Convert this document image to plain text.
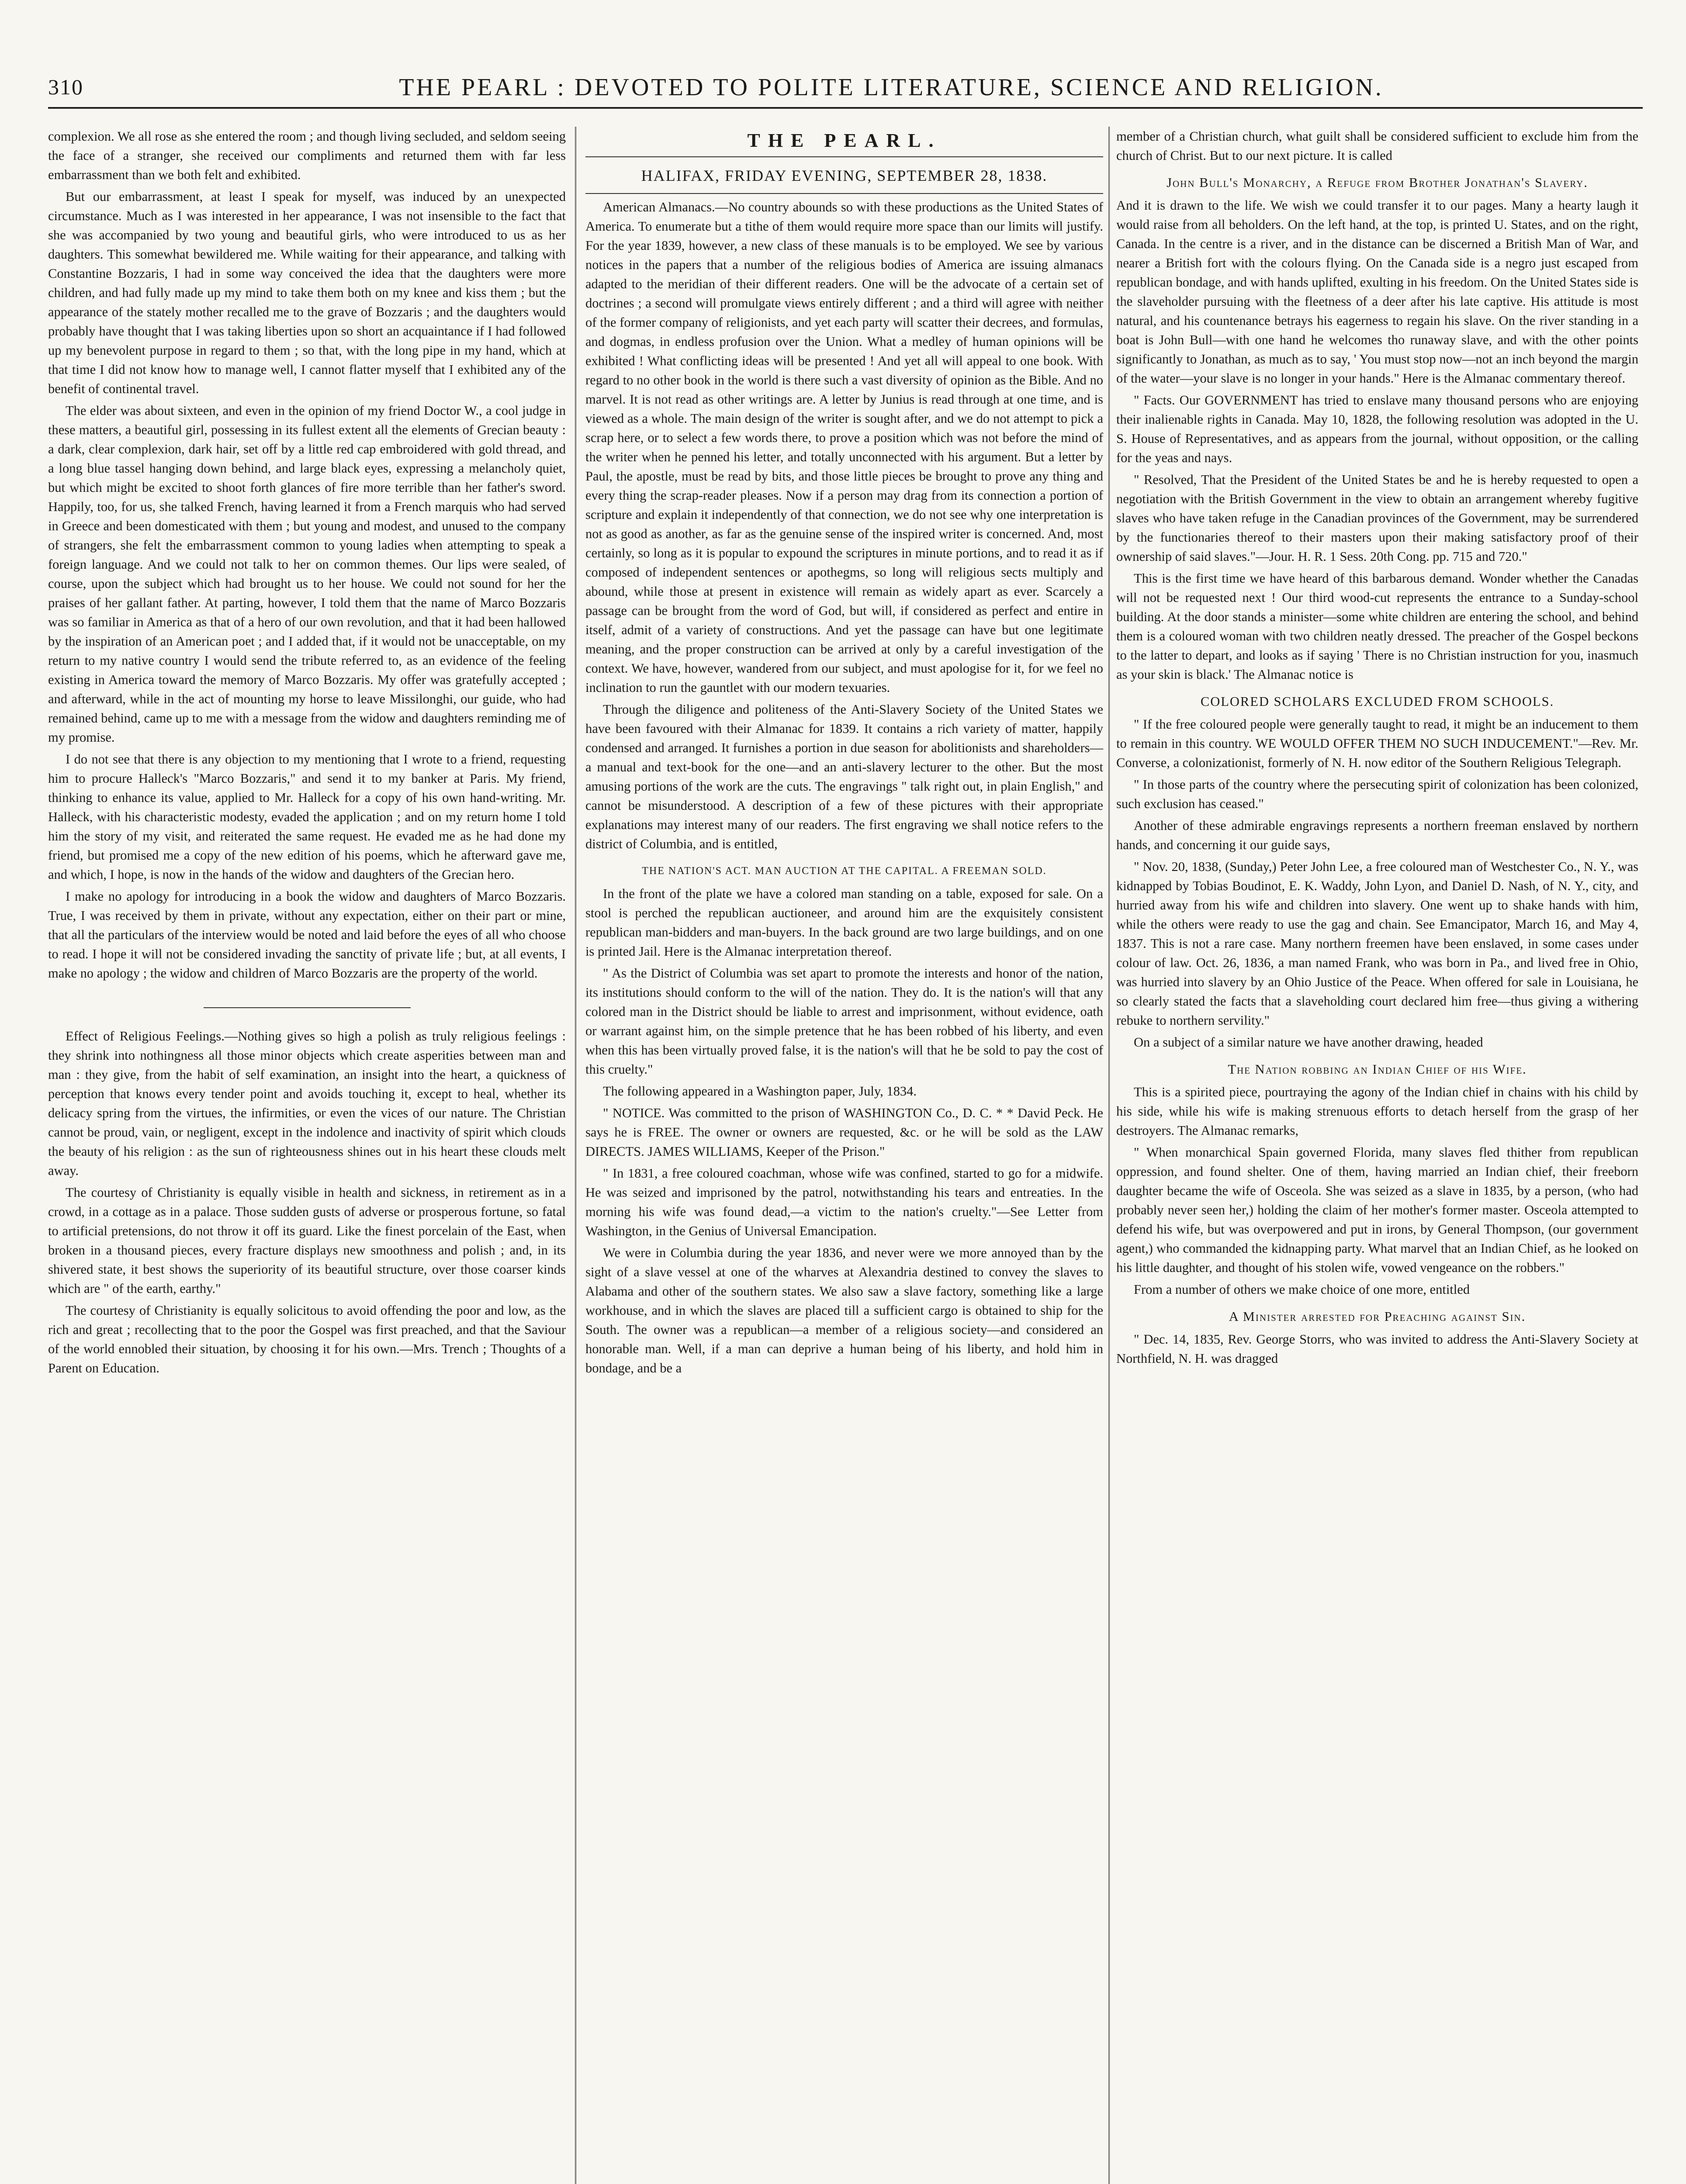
310	THE PEARL : DEVOTED TO POLITE LITERATURE, SCIENCE AND RELIGION.

complexion. We all rose as she entered the room ; and though living secluded, and seldom seeing the face of a stranger, she received our compliments and returned them with far less embarrassment than we both felt and exhibited.

But our embarrassment, at least I speak for myself, was induced by an unexpected circumstance. Much as I was interested in her appearance, I was not insensible to the fact that she was accompanied by two young and beautiful girls, who were introduced to us as her daughters. This somewhat bewildered me. While waiting for their appearance, and talking with Constantine Bozzaris, I had in some way conceived the idea that the daughters were more children, and had fully made up my mind to take them both on my knee and kiss them ; but the appearance of the stately mother recalled me to the grave of Bozzaris ; and the daughters would probably have thought that I was taking liberties upon so short an acquaintance if I had followed up my benevolent purpose in regard to them ; so that, with the long pipe in my hand, which at that time I did not know how to manage well, I cannot flatter myself that I exhibited any of the benefit of continental travel.

The elder was about sixteen, and even in the opinion of my friend Doctor W., a cool judge in these matters, a beautiful girl, possessing in its fullest extent all the elements of Grecian beauty : a dark, clear complexion, dark hair, set off by a little red cap embroidered with gold thread, and a long blue tassel hanging down behind, and large black eyes, expressing a melancholy quiet, but which might be excited to shoot forth glances of fire more terrible than her father's sword. Happily, too, for us, she talked French, having learned it from a French marquis who had served in Greece and been domesticated with them ; but young and modest, and unused to the company of strangers, she felt the embarrassment common to young ladies when attempting to speak a foreign language. And we could not talk to her on common themes. Our lips were sealed, of course, upon the subject which had brought us to her house. We could not sound for her the praises of her gallant father. At parting, however, I told them that the name of Marco Bozzaris was so familiar in America as that of a hero of our own revolution, and that it had been hallowed by the inspiration of an American poet ; and I added that, if it would not be unacceptable, on my return to my native country I would send the tribute referred to, as an evidence of the feeling existing in America toward the memory of Marco Bozzaris. My offer was gratefully accepted ; and afterward, while in the act of mounting my horse to leave Missilonghi, our guide, who had remained behind, came up to me with a message from the widow and daughters reminding me of my promise.

I do not see that there is any objection to my mentioning that I wrote to a friend, requesting him to procure Halleck's "Marco Bozzaris," and send it to my banker at Paris. My friend, thinking to enhance its value, applied to Mr. Halleck for a copy of his own hand-writing. Mr. Halleck, with his characteristic modesty, evaded the application ; and on my return home I told him the story of my visit, and reiterated the same request. He evaded me as he had done my friend, but promised me a copy of the new edition of his poems, which he afterward gave me, and which, I hope, is now in the hands of the widow and daughters of the Grecian hero.

I make no apology for introducing in a book the widow and daughters of Marco Bozzaris. True, I was received by them in private, without any expectation, either on their part or mine, that all the particulars of the interview would be noted and laid before the eyes of all who choose to read. I hope it will not be considered invading the sanctity of private life ; but, at all events, I make no apology ; the widow and children of Marco Bozzaris are the property of the world.

Effect of Religious Feelings.—Nothing gives so high a polish as truly religious feelings : they shrink into nothingness all those minor objects which create asperities between man and man : they give, from the habit of self examination, an insight into the heart, a quickness of perception that knows every tender point and avoids touching it, except to heal, whether its delicacy spring from the virtues, the infirmities, or even the vices of our nature. The Christian cannot be proud, vain, or negligent, except in the indolence and inactivity of spirit which clouds the beauty of his religion : as the sun of righteousness shines out in his heart these clouds melt away.

The courtesy of Christianity is equally visible in health and sickness, in retirement as in a crowd, in a cottage as in a palace. Those sudden gusts of adverse or prosperous fortune, so fatal to artificial pretensions, do not throw it off its guard. Like the finest porcelain of the East, when broken in a thousand pieces, every fracture displays new smoothness and polish ; and, in its shivered state, it best shows the superiority of its beautiful structure, over those coarser kinds which are " of the earth, earthy."

The courtesy of Christianity is equally solicitous to avoid offending the poor and low, as the rich and great ; recollecting that to the poor the Gospel was first preached, and that the Saviour of the world ennobled their situation, by choosing it for his own.—Mrs. Trench ; Thoughts of a Parent on Education.

THE PEARL.
HALIFAX, FRIDAY EVENING, SEPTEMBER 28, 1838.

American Almanacs.—No country abounds so with these productions as the United States of America. To enumerate but a tithe of them would require more space than our limits will justify. For the year 1839, however, a new class of these manuals is to be employed. We see by various notices in the papers that a number of the religious bodies of America are issuing almanacs adapted to the meridian of their different readers. One will be the advocate of a certain set of doctrines ; a second will promulgate views entirely different ; and a third will agree with neither of the former company of religionists, and yet each party will scatter their decrees, and formulas, and dogmas, in endless profusion over the Union. What a medley of human opinions will be exhibited ! What conflicting ideas will be presented ! And yet all will appeal to one book. With regard to no other book in the world is there such a vast diversity of opinion as the Bible. And no marvel. It is not read as other writings are. A letter by Junius is read through at one time, and is viewed as a whole. The main design of the writer is sought after, and we do not attempt to pick a scrap here, or to select a few words there, to prove a position which was not before the mind of the writer when he penned his letter, and totally unconnected with his argument. But a letter by Paul, the apostle, must be read by bits, and those little pieces be brought to prove any thing and every thing the scrap-reader pleases. Now if a person may drag from its connection a portion of scripture and explain it independently of that connection, we do not see why one interpretation is not as good as another, as far as the genuine sense of the inspired writer is concerned. And, most certainly, so long as it is popular to expound the scriptures in minute portions, and to read it as if composed of independent sentences or apothegms, so long will religious sects multiply and abound, while those at present in existence will remain as widely apart as ever. Scarcely a passage can be brought from the word of God, but will, if considered as perfect and entire in itself, admit of a variety of constructions. And yet the passage can have but one legitimate meaning, and the proper construction can be arrived at only by a careful investigation of the context. We have, however, wandered from our subject, and must apologise for it, for we feel no inclination to run the gauntlet with our modern texuaries.

Through the diligence and politeness of the Anti-Slavery Society of the United States we have been favoured with their Almanac for 1839. It contains a rich variety of matter, happily condensed and arranged. It furnishes a portion in due season for abolitionists and shareholders—a manual and text-book for the one—and an anti-slavery lecturer to the other. But the most amusing portions of the work are the cuts. The engravings " talk right out, in plain English," and cannot be misunderstood. A description of a few of these pictures with their appropriate explanations may interest many of our readers. The first engraving we shall notice refers to the district of Columbia, and is entitled,

THE NATION'S ACT. MAN AUCTION AT THE CAPITAL. A FREEMAN SOLD.

In the front of the plate we have a colored man standing on a table, exposed for sale. On a stool is perched the republican auctioneer, and around him are the exquisitely consistent republican man-bidders and man-buyers. In the back ground are two large buildings, and on one is printed Jail. Here is the Almanac interpretation thereof.

" As the District of Columbia was set apart to promote the interests and honor of the nation, its institutions should conform to the will of the nation. They do. It is the nation's will that any colored man in the District should be liable to arrest and imprisonment, without evidence, oath or warrant against him, on the simple pretence that he has been robbed of his liberty, and even when this has been virtually proved false, it is the nation's will that he be sold to pay the cost of this cruelty."

The following appeared in a Washington paper, July, 1834.

" NOTICE. Was committed to the prison of WASHINGTON Co., D. C. * * David Peck. He says he is FREE. The owner or owners are requested, &c. or he will be sold as the LAW DIRECTS. JAMES WILLIAMS, Keeper of the Prison."

" In 1831, a free coloured coachman, whose wife was confined, started to go for a midwife. He was seized and imprisoned by the patrol, notwithstanding his tears and entreaties. In the morning his wife was found dead,—a victim to the nation's cruelty."—See Letter from Washington, in the Genius of Universal Emancipation.

We were in Columbia during the year 1836, and never were we more annoyed than by the sight of a slave vessel at one of the wharves at Alexandria destined to convey the slaves to Alabama and other of the southern states. We also saw a slave factory, something like a large workhouse, and in which the slaves are placed till a sufficient cargo is obtained to ship for the South. The owner was a republican—a member of a religious society—and considered an honorable man. Well, if a man can deprive a human being of his liberty, and hold him in bondage, and be a

member of a Christian church, what guilt shall be considered sufficient to exclude him from the church of Christ. But to our next picture. It is called

John Bull's Monarchy, a Refuge from Brother Jonathan's Slavery.

And it is drawn to the life. We wish we could transfer it to our pages. Many a hearty laugh it would raise from all beholders. On the left hand, at the top, is printed U. States, and on the right, Canada. In the centre is a river, and in the distance can be discerned a British Man of War, and nearer a British fort with the colours flying. On the Canada side is a negro just escaped from republican bondage, and with hands uplifted, exulting in his freedom. On the United States side is the slaveholder pursuing with the fleetness of a deer after his late captive. His attitude is most natural, and his countenance betrays his eagerness to regain his slave. On the river standing in a boat is John Bull—with one hand he welcomes tho runaway slave, and with the other points significantly to Jonathan, as much as to say, ' You must stop now—not an inch beyond the margin of the water—your slave is no longer in your hands." Here is the Almanac commentary thereof.

" Facts. Our GOVERNMENT has tried to enslave many thousand persons who are enjoying their inalienable rights in Canada. May 10, 1828, the following resolution was adopted in the U. S. House of Representatives, and as appears from the journal, without opposition, or the calling for the yeas and nays.

" Resolved, That the President of the United States be and he is hereby requested to open a negotiation with the British Government in the view to obtain an arrangement whereby fugitive slaves who have taken refuge in the Canadian provinces of the Government, may be surrendered by the functionaries thereof to their masters upon their making satisfactory proof of their ownership of said slaves."—Jour. H. R. 1 Sess. 20th Cong. pp. 715 and 720."

This is the first time we have heard of this barbarous demand. Wonder whether the Canadas will not be requested next ! Our third wood-cut represents the entrance to a Sunday-school building. At the door stands a minister—some white children are entering the school, and behind them is a coloured woman with two children neatly dressed. The preacher of the Gospel beckons to the latter to depart, and looks as if saying ' There is no Christian instruction for you, inasmuch as your skin is black.' The Almanac notice is

COLORED SCHOLARS EXCLUDED FROM SCHOOLS.

" If the free coloured people were generally taught to read, it might be an inducement to them to remain in this country. WE WOULD OFFER THEM NO SUCH INDUCEMENT."—Rev. Mr. Converse, a colonizationist, formerly of N. H. now editor of the Southern Religious Telegraph.

" In those parts of the country where the persecuting spirit of colonization has been colonized, such exclusion has ceased."

Another of these admirable engravings represents a northern freeman enslaved by northern hands, and concerning it our guide says,

" Nov. 20, 1838, (Sunday,) Peter John Lee, a free coloured man of Westchester Co., N. Y., was kidnapped by Tobias Boudinot, E. K. Waddy, John Lyon, and Daniel D. Nash, of N. Y., city, and hurried away from his wife and children into slavery. One went up to shake hands with him, while the others were ready to use the gag and chain. See Emancipator, March 16, and May 4, 1837. This is not a rare case. Many northern freemen have been enslaved, in some cases under colour of law. Oct. 26, 1836, a man named Frank, who was born in Pa., and lived free in Ohio, was hurried into slavery by an Ohio Justice of the Peace. When offered for sale in Louisiana, he so clearly stated the facts that a slaveholding court declared him free—thus giving a withering rebuke to northern servility."

On a subject of a similar nature we have another drawing, headed

The Nation robbing an Indian Chief of his Wife.

This is a spirited piece, pourtraying the agony of the Indian chief in chains with his child by his side, while his wife is making strenuous efforts to detach herself from the grasp of her destroyers. The Almanac remarks,

" When monarchical Spain governed Florida, many slaves fled thither from republican oppression, and found shelter. One of them, having married an Indian chief, their freeborn daughter became the wife of Osceola. She was seized as a slave in 1835, by a person, (who had probably never seen her,) holding the claim of her mother's former master. Osceola attempted to defend his wife, but was overpowered and put in irons, by General Thompson, (our government agent,) who commanded the kidnapping party. What marvel that an Indian Chief, as he looked on his little daughter, and thought of his stolen wife, vowed vengeance on the robbers."

From a number of others we make choice of one more, entitled

A Minister arrested for Preaching against Sin.

" Dec. 14, 1835, Rev. George Storrs, who was invited to address the Anti-Slavery Society at Northfield, N. H. was dragged
